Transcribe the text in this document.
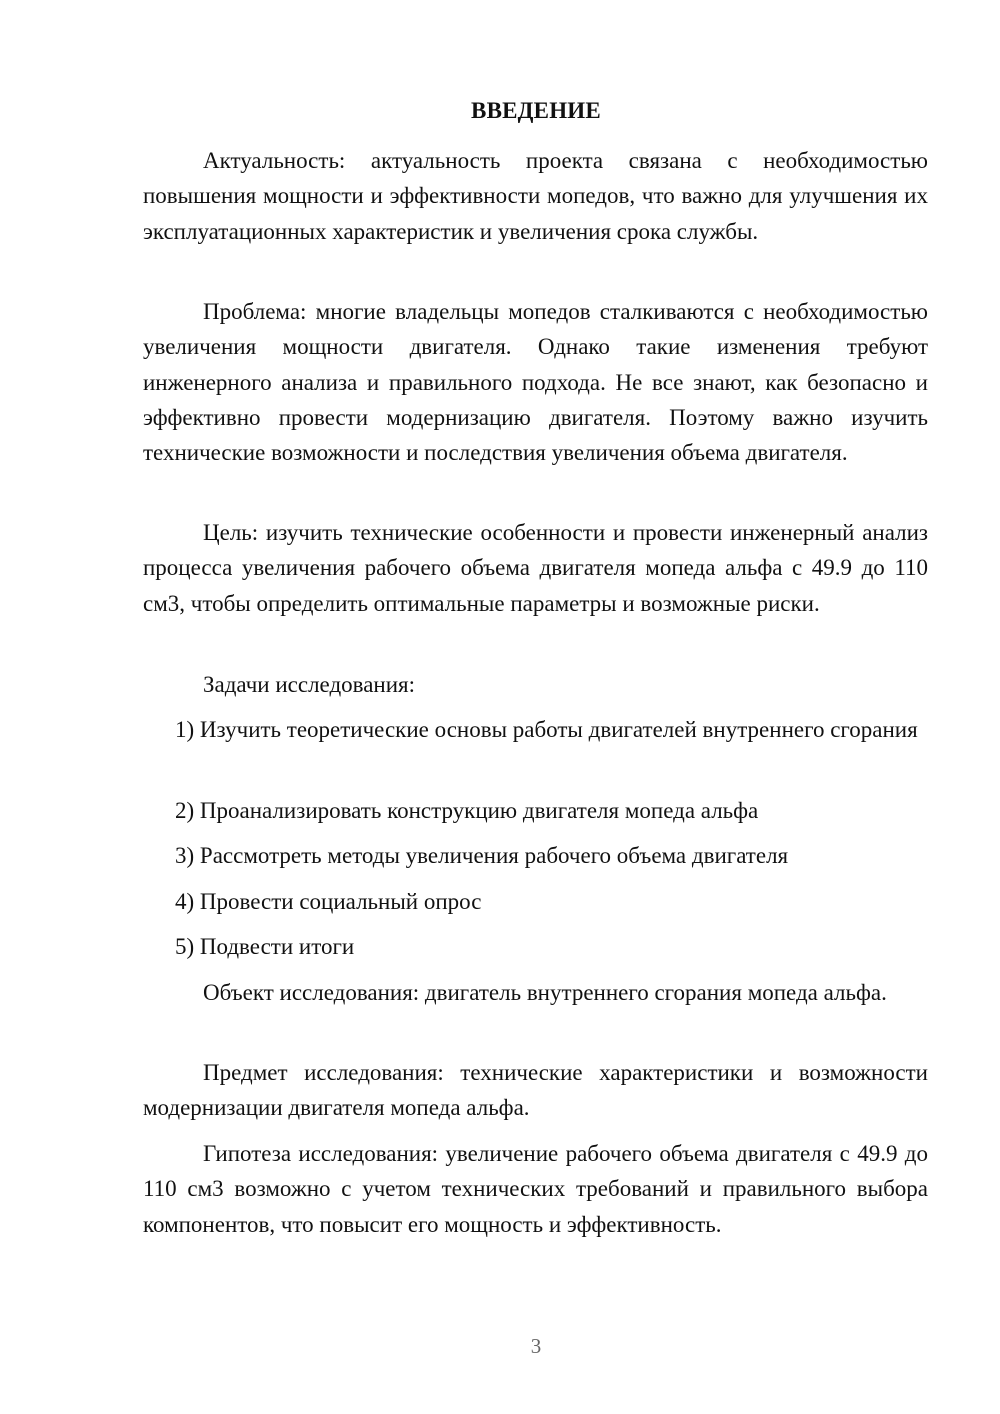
ВВЕДЕНИЕ

Актуальность: актуальность проекта связана с необходимостью повышения мощности и эффективности мопедов, что важно для улучшения их эксплуатационных характеристик и увеличения срока службы.

Проблема: многие владельцы мопедов сталкиваются с необходимостью увеличения мощности двигателя. Однако такие изменения требуют инженерного анализа и правильного подхода. Не все знают, как безопасно и эффективно провести модернизацию двигателя. Поэтому важно изучить технические возможности и последствия увеличения объема двигателя.

Цель: изучить технические особенности и провести инженерный анализ процесса увеличения рабочего объема двигателя мопеда альфа с 49.9 до 110 см3, чтобы определить оптимальные параметры и возможные риски.

Задачи исследования:

1) Изучить теоретические основы работы двигателей внутреннего сгорания

2) Проанализировать конструкцию двигателя мопеда альфа

3) Рассмотреть методы увеличения рабочего объема двигателя

4) Провести социальный опрос

5) Подвести итоги

Объект исследования: двигатель внутреннего сгорания мопеда альфа.

Предмет исследования: технические характеристики и возможности модернизации двигателя мопеда альфа.

Гипотеза исследования: увеличение рабочего объема двигателя с 49.9 до 110 см3 возможно с учетом технических требований и правильного выбора компонентов, что повысит его мощность и эффективность.

3
